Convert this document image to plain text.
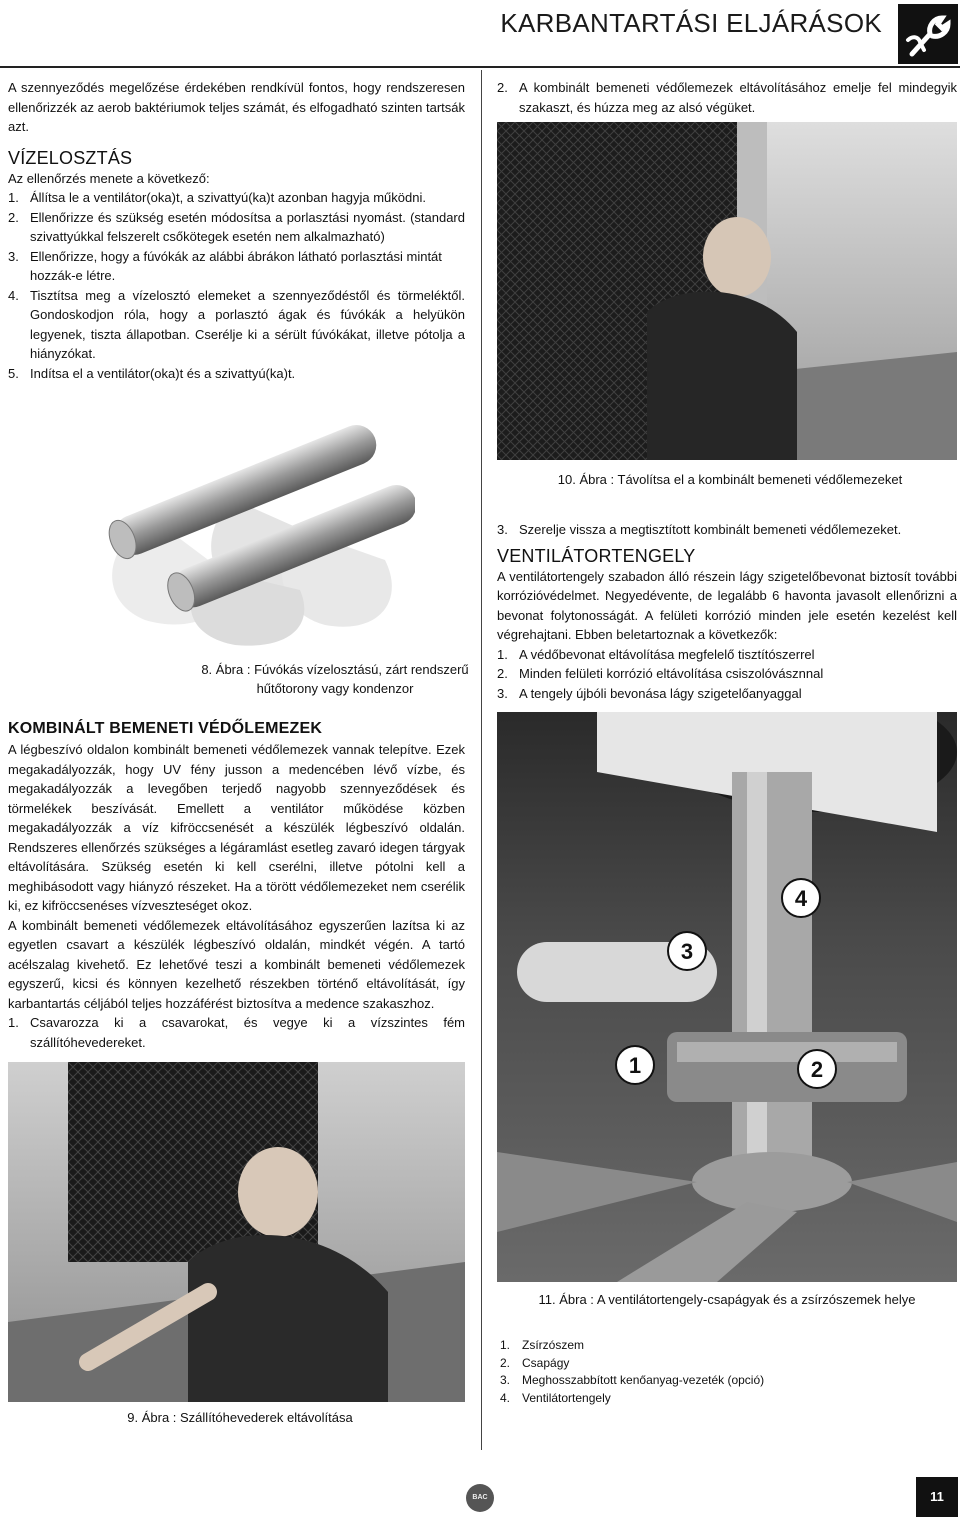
KARBANTARTÁSI ELJÁRÁSOK

A szennyeződés megelőzése érdekében rendkívül fontos, hogy rendszeresen ellenőrizzék az aerob baktériumok teljes számát, és elfogadható szinten tartsák azt.

VÍZELOSZTÁS

Az ellenőrzés menete a következő:

1. Állítsa le a ventilátor(oka)t, a szivattyú(ka)t azonban hagyja működni.
2. Ellenőrizze és szükség esetén módosítsa a porlasztási nyomást. (standard szivattyúkkal felszerelt csőkötegek esetén nem alkalmazható)
3. Ellenőrizze, hogy a fúvókák az alábbi ábrákon látható porlasztási mintát hozzák-e létre.
4. Tisztítsa meg a vízelosztó elemeket a szennyeződéstől és törmeléktől. Gondoskodjon róla, hogy a porlasztó ágak és fúvókák a helyükön legyenek, tiszta állapotban. Cserélje ki a sérült fúvókákat, illetve pótolja a hiányzókat.
5. Indítsa el a ventilátor(oka)t és a szivattyú(ka)t.
8. Ábra : Fúvókás vízelosztású, zárt rendszerű hűtőtorony vagy kondenzor
KOMBINÁLT BEMENETI VÉDŐLEMEZEK

A légbeszívó oldalon kombinált bemeneti védőlemezek vannak telepítve. Ezek megakadályozzák, hogy UV fény jusson a medencében lévő vízbe, és megakadályozzák a levegőben terjedő nagyobb szennyeződések és törmelékek beszívását. Emellett a ventilátor működése közben megakadályozzák a víz kifröccsenését a készülék légbeszívó oldalán. Rendszeres ellenőrzés szükséges a légáramlást esetleg zavaró idegen tárgyak eltávolítására. Szükség esetén ki kell cserélni, illetve pótolni kell a meghibásodott vagy hiányzó részeket. Ha a törött védőlemezeket nem cserélik ki, ez kifröccsenéses vízveszteséget okoz.

A kombinált bemeneti védőlemezek eltávolításához egyszerűen lazítsa ki az egyetlen csavart a készülék légbeszívó oldalán, mindkét végén. A tartó acélszalag kivehető. Ez lehetővé teszi a kombinált bemeneti védőlemezek egyszerű, kicsi és könnyen kezelhető részekben történő eltávolítását, így karbantartás céljából teljes hozzáférést biztosítva a medence szakaszhoz.

1. Csavarozza ki a csavarokat, és vegye ki a vízszintes fém szállítóhevedereket.
9. Ábra : Szállítóhevederek eltávolítása
2. A kombinált bemeneti védőlemezek eltávolításához emelje fel mindegyik szakaszt, és húzza meg az alsó végüket.
10. Ábra : Távolítsa el a kombinált bemeneti védőlemezeket
3. Szerelje vissza a megtisztított kombinált bemeneti védőlemezeket.
VENTILÁTORTENGELY

A ventilátortengely szabadon álló részein lágy szigetelőbevonat biztosít további korrózióvédelmet. Negyedévente, de legalább 6 havonta javasolt ellenőrizni a bevonat folytonosságát. A felületi korrózió minden jele esetén kezelést kell végrehajtani. Ebben beletartoznak a következők:

1. A védőbevonat eltávolítása megfelelő tisztítószerrel
2. Minden felületi korrózió eltávolítása csiszolóvásznnal
3. A tengely újbóli bevonása lágy szigetelőanyaggal
1	2
3
4
11. Ábra : A ventilátortengely-csapágyak és a zsírzószemek helye
1. Zsírzószem
2. Csapágy
3. Meghosszabbított kenőanyag-vezeték (opció)
4. Ventilátortengely
BAC	11
